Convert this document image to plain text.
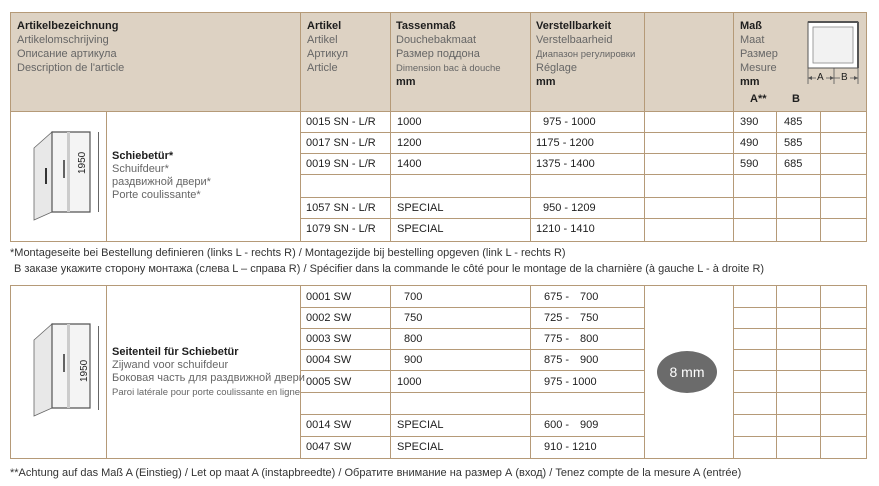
Artikelbezeichnung
Artikelomschrijving
Описание артикула
Description de l'article
Artikel
Artikel
Артикул
Article
Tassenmaß
Douchebakmaat
Размер поддона
Dimension bac à douche
mm
Verstellbarkeit
Verstelbaarheid
Диапазон регулировки
Réglage
mm
Maß
Maat
Размер
Mesure
mm
A** B
A B
1950 Schiebetür*
Schuifdeur*
раздвижной двери*
Porte coulissante*
0015 SN - L/R 1000	975 - 1000	390 485
0017 SN - L/R 1200	1175 - 1200	490 585
0019 SN - L/R 1400	1375 - 1400	590 685
1057 SN - L/R SPECIAL	950 - 1209
1079 SN - L/R SPECIAL	1210 - 1410
*Montageseite bei Bestellung definieren (links L - rechts R) / Montagezijde bij bestelling opgeven (link L - rechts R)
В заказе укажите сторону монтажа (слева L – справа R) / Spécifier dans la commande le côté pour le montage de la charnière (à gauche L - à droite R)
1950
Seitenteil für Schiebetür
Zijwand voor schuifdeur
Боковая часть для раздвижной двери
Paroi latérale pour porte coulissante en ligne
8 mm
0001 SW	700	675 - 700
0002 SW	750	725 - 750
0003 SW	800	775 - 800
0004 SW	900	875 - 900
0005 SW	1000	975 - 1000
0014 SW	SPECIAL	600 - 909
0047 SW	SPECIAL	910 - 1210
**Achtung auf das Maß A (Einstieg) / Let op maat A (instapbreedte) / Обратите внимание на размер А (вход) / Tenez compte de la mesure A (entrée)
